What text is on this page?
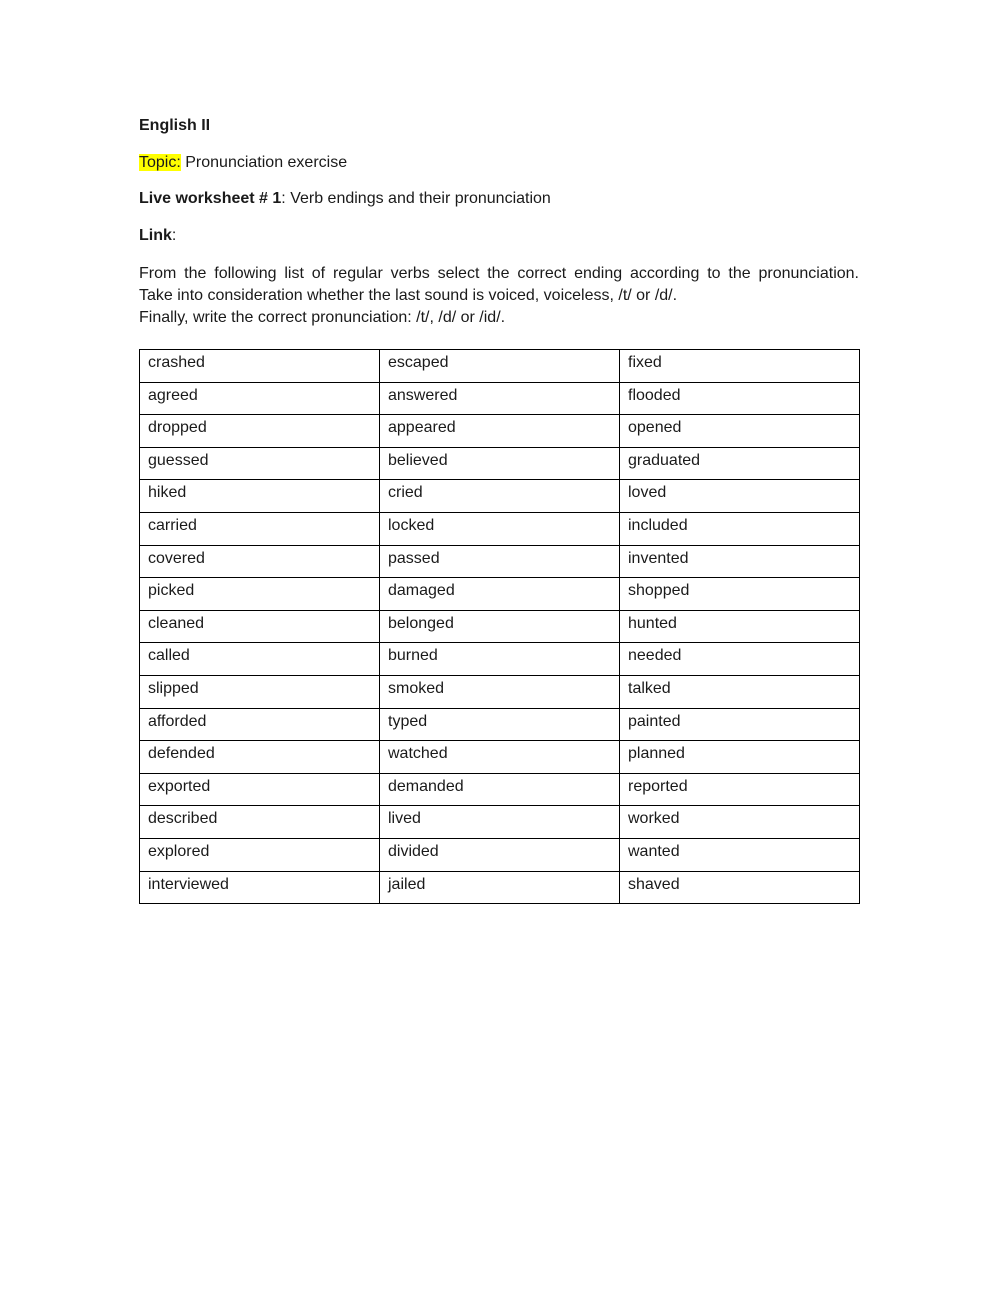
English II
Topic: Pronunciation exercise
Live worksheet # 1: Verb endings and their pronunciation
Link:

From the following list of regular verbs select the correct ending according to the pronunciation.

Take into consideration whether the last sound is voiced, voiceless, /t/ or /d/.

Finally, write the correct pronunciation: /t/, /d/ or /id/.

crashed	escaped	fixed

agreed	answered	flooded

dropped	appeared	opened

guessed	believed	graduated

hiked	cried	loved

carried	locked	included

covered	passed	invented

picked	damaged	shopped

cleaned	belonged	hunted

called	burned	needed

slipped	smoked	talked

afforded	typed	painted

defended	watched	planned

exported	demanded	reported

described	lived	worked

explored	divided	wanted

interviewed	jailed	shaved
